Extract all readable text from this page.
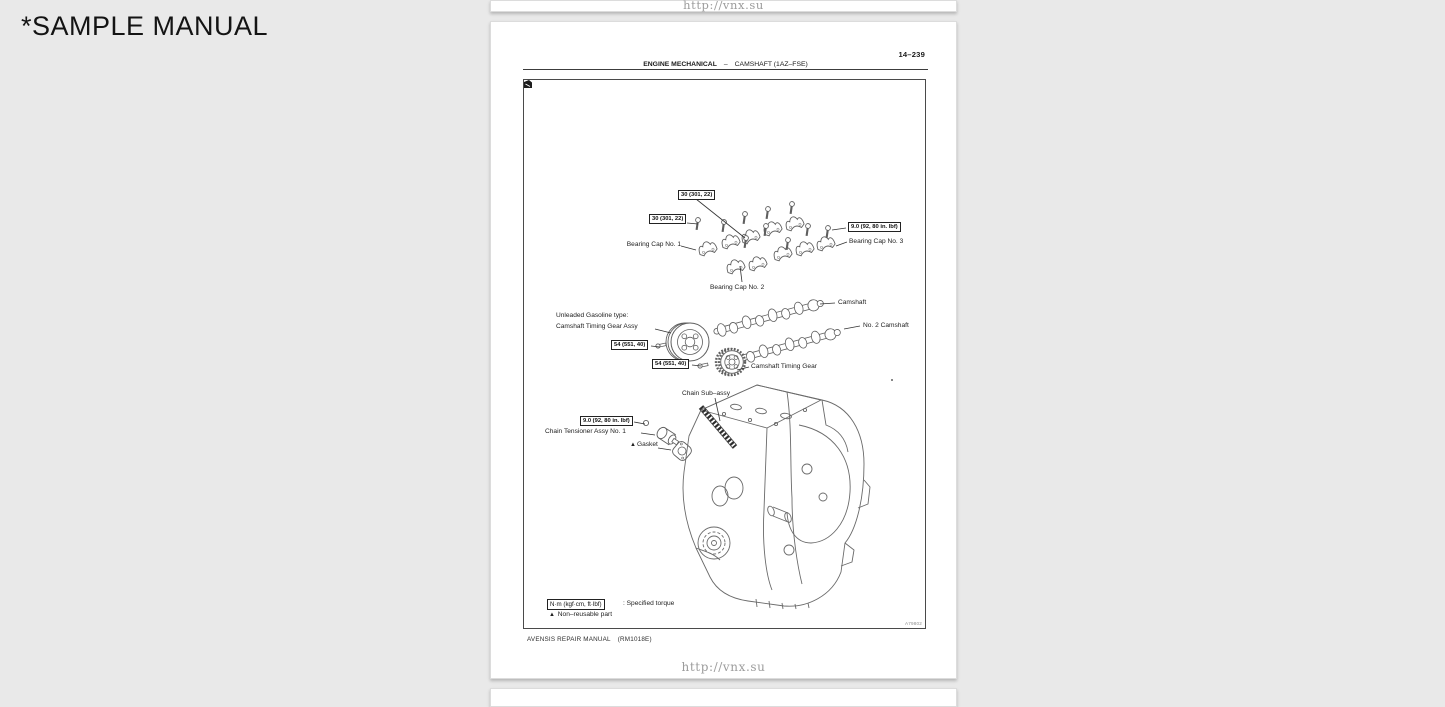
*SAMPLE MANUAL
http://vnx.su
14–239
ENGINE MECHANICAL – CAMSHAFT (1AZ–FSE)
30 (301, 22)
30 (301, 22)
9.0 (92, 80 in. lbf)
54 (551, 40)
54 (551, 40)
9.0 (92, 80 in. lbf)
Bearing Cap No. 1	Bearing Cap No. 3
Bearing Cap No. 2
Camshaft
No. 2 Camshaft
Unleaded Gasoline type:
Camshaft Timing Gear Assy
Camshaft Timing Gear
Chain Sub–assy
Chain Tensioner Assy No. 1
▲Gasket
N·m (kgf·cm, ft·lbf)	: Specified torque
▲ Non–reusable part
A79802
AVENSIS REPAIR MANUAL (RM1018E)
http://vnx.su
